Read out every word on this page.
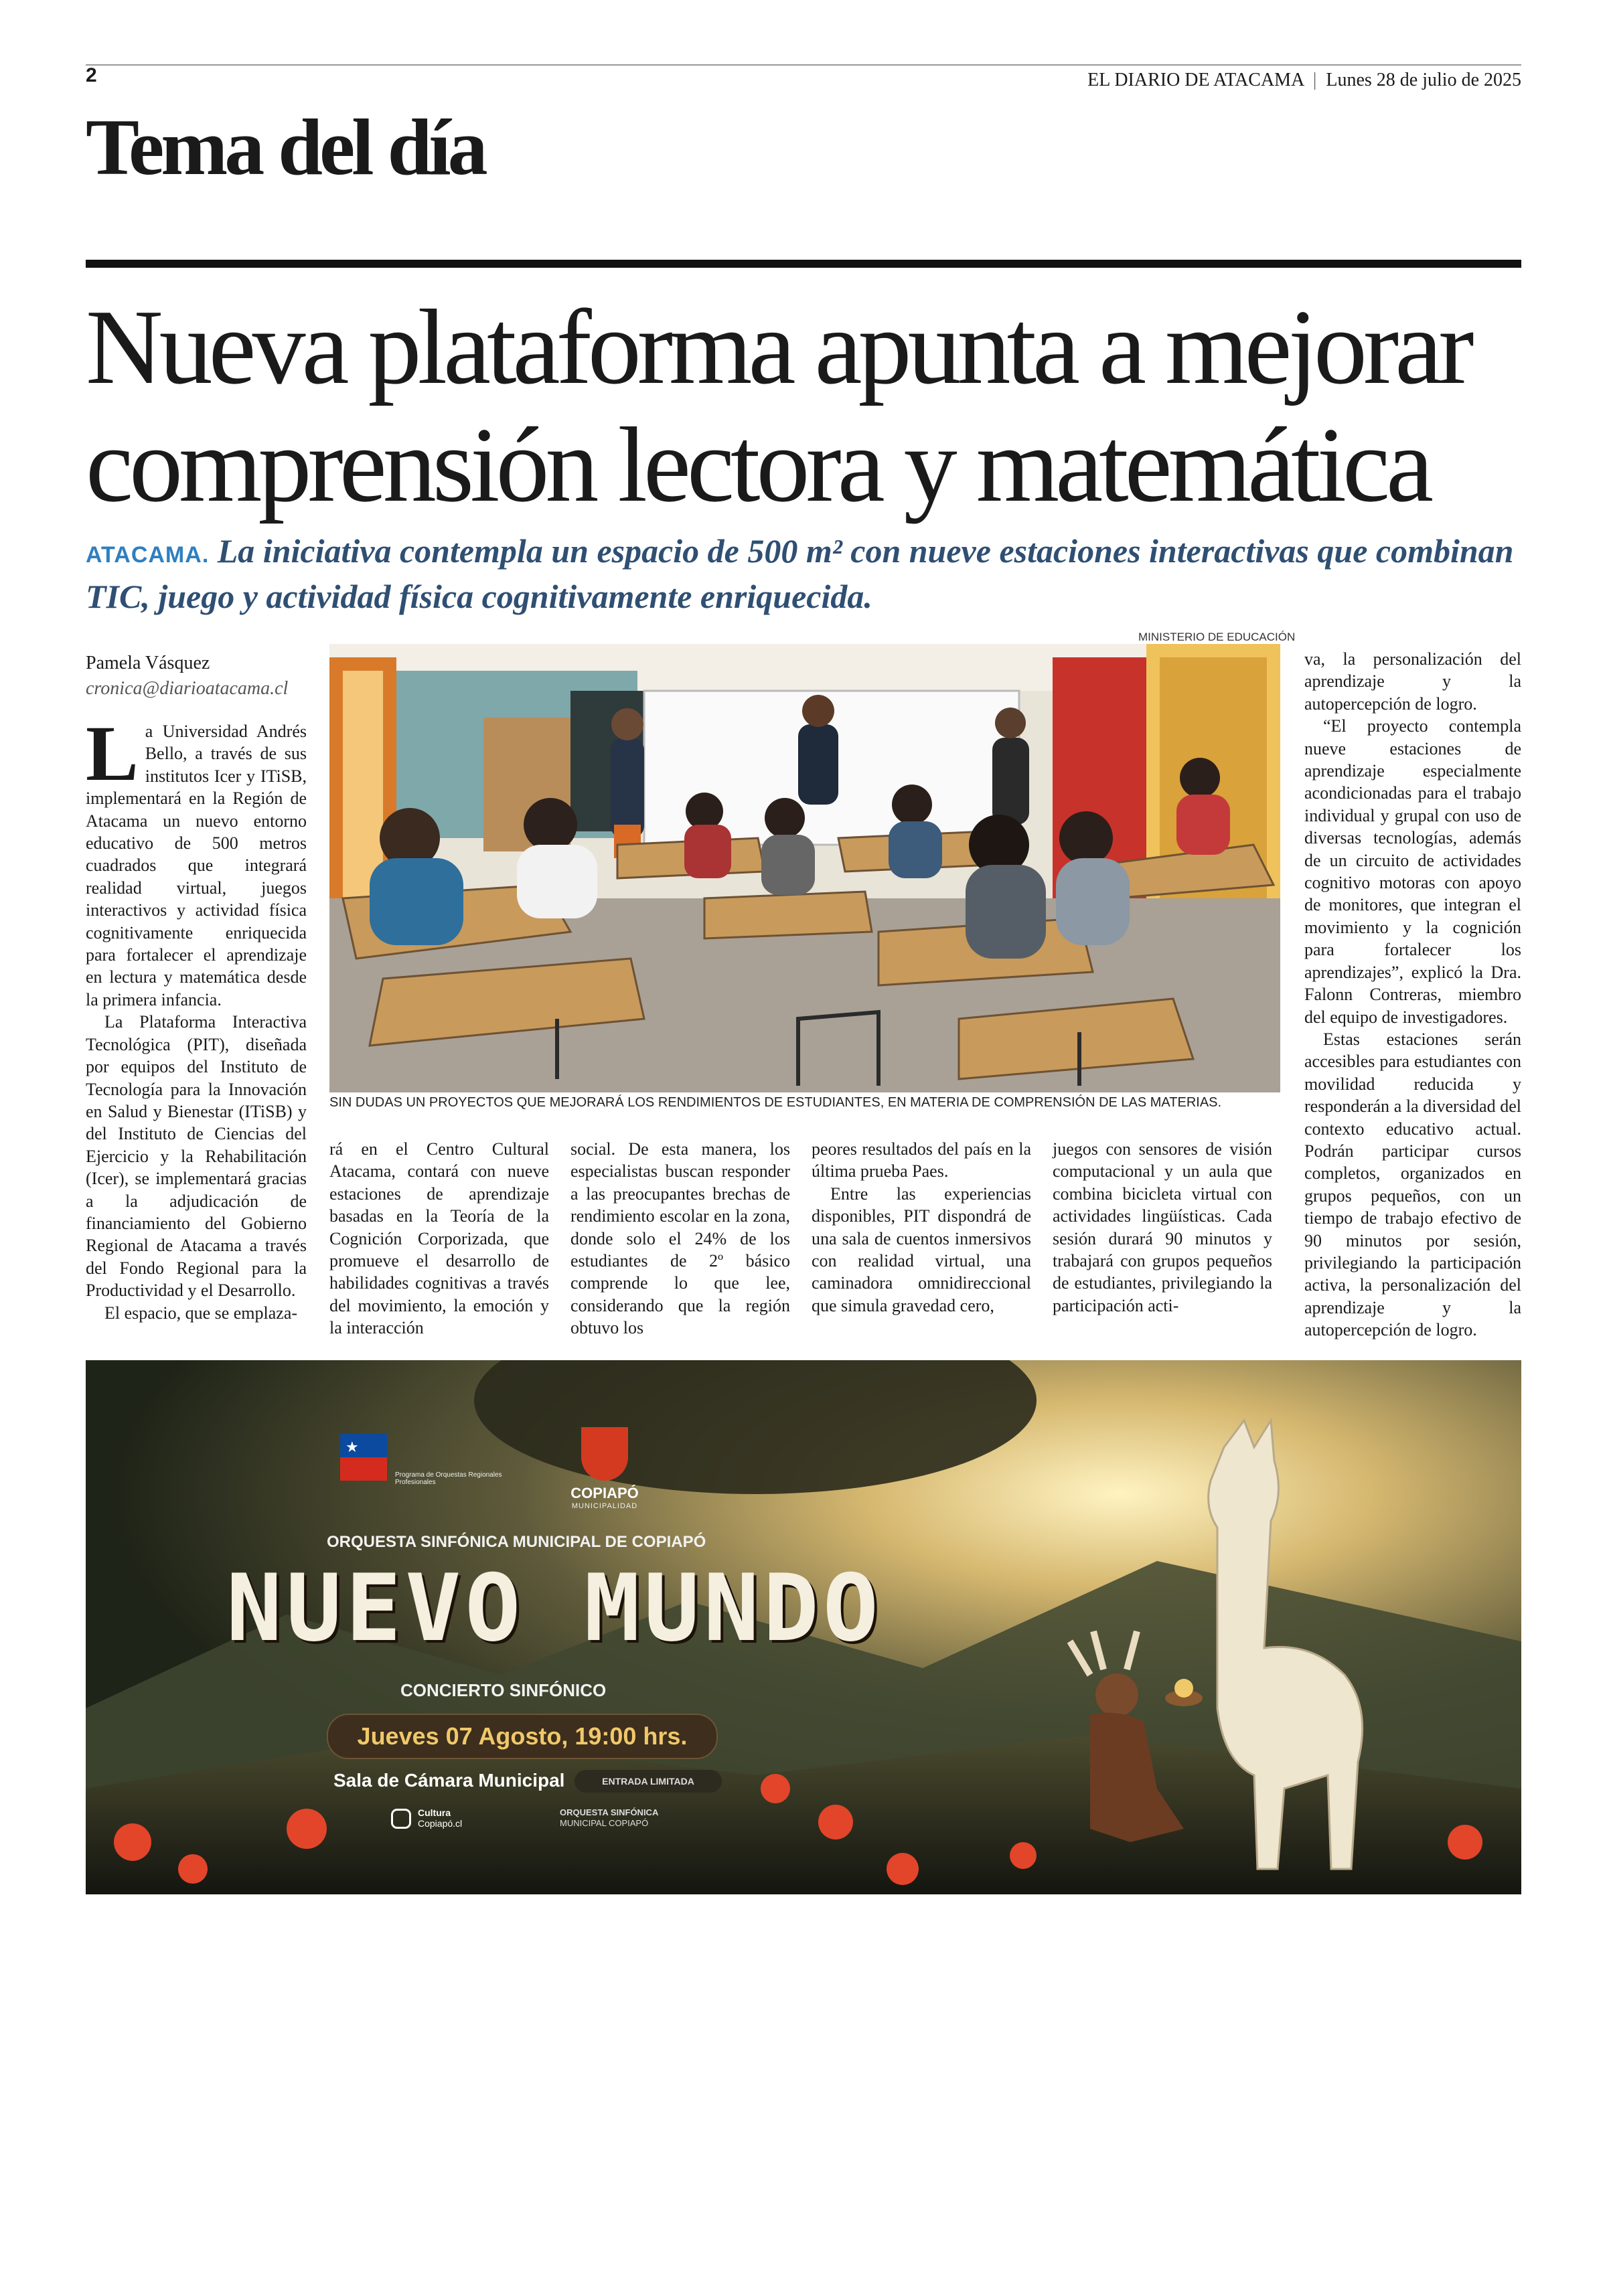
2	EL DIARIO DE ATACAMA  |  Lunes 28 de julio de 2025
Tema del día
Nueva plataforma apunta a mejorar comprensión lectora y matemática
ATACAMA. La iniciativa contempla un espacio de 500 m² con nueve estaciones interactivas que combinan TIC, juego y actividad física cognitivamente enriquecida.
Pamela Vásquez
cronica@diarioatacama.cl

La Universidad Andrés Bello, a través de sus institutos Icer y ITiSB, implementará en la Región de Atacama un nuevo entorno educativo de 500 metros cuadrados que integrará realidad virtual, juegos interactivos y actividad física cognitivamente enriquecida para fortalecer el aprendizaje en lectura y matemática desde la primera infancia.

La Plataforma Interactiva Tecnológica (PIT), diseñada por equipos del Instituto de Tecnología para la Innovación en Salud y Bienestar (ITiSB) y del Instituto de Ciencias del Ejercicio y la Rehabilitación (Icer), se implementará gracias a la adjudicación de financiamiento del Gobierno Regional de Atacama a través del Fondo Regional para la Productividad y el Desarrollo.

El espacio, que se emplaza-

MINISTERIO DE EDUCACIÓN
SIN DUDAS UN PROYECTOS QUE MEJORARÁ LOS RENDIMIENTOS DE ESTUDIANTES, EN MATERIA DE COMPRENSIÓN DE LAS MATERIAS.

rá en el Centro Cultural Atacama, contará con nueve estaciones de aprendizaje basadas en la Teoría de la Cognición Corporizada, que promueve el desarrollo de habilidades cognitivas a través del movimiento, la emoción y la interacción

social. De esta manera, los especialistas buscan responder a las preocupantes brechas de rendimiento escolar en la zona, donde solo el 24% de los estudiantes de 2º básico comprende lo que lee, considerando que la región obtuvo los

peores resultados del país en la última prueba Paes.

Entre las experiencias disponibles, PIT dispondrá de una sala de cuentos inmersivos con realidad virtual, una caminadora omnidireccional que simula gravedad cero,

juegos con sensores de visión computacional y un aula que combina bicicleta virtual con actividades lingüísticas. Cada sesión durará 90 minutos y trabajará con grupos pequeños de estudiantes, privilegiando la participación acti-

va, la personalización del aprendizaje y la autopercepción de logro.

“El proyecto contempla nueve estaciones de aprendizaje especialmente acondicionadas para el trabajo individual y grupal con uso de diversas tecnologías, además de un circuito de actividades cognitivo motoras con apoyo de monitores, que integran el movimiento y la cognición para fortalecer los aprendizajes”, explicó la Dra. Falonn Contreras, miembro del equipo de investigadores.

Estas estaciones serán accesibles para estudiantes con movilidad reducida y responderán a la diversidad del contexto educativo actual. Podrán participar cursos completos, organizados en grupos pequeños, con un tiempo de trabajo efectivo de 90 minutos por sesión, privilegiando la participación activa, la personalización del aprendizaje y la autopercepción de logro.

★
Programa de Orquestas Regionales Profesionales
COPIAPÓ
MUNICIPALIDAD
ORQUESTA SINFÓNICA MUNICIPAL DE COPIAPÓ
NUEVO MUNDO
CONCIERTO SINFÓNICO
Jueves 07 Agosto, 19:00 hrs.
Sala de Cámara Municipal	ENTRADA LIMITADA
Cultura
Copiapó.cl
ORQUESTA SINFÓNICA
MUNICIPAL COPIAPÓ
